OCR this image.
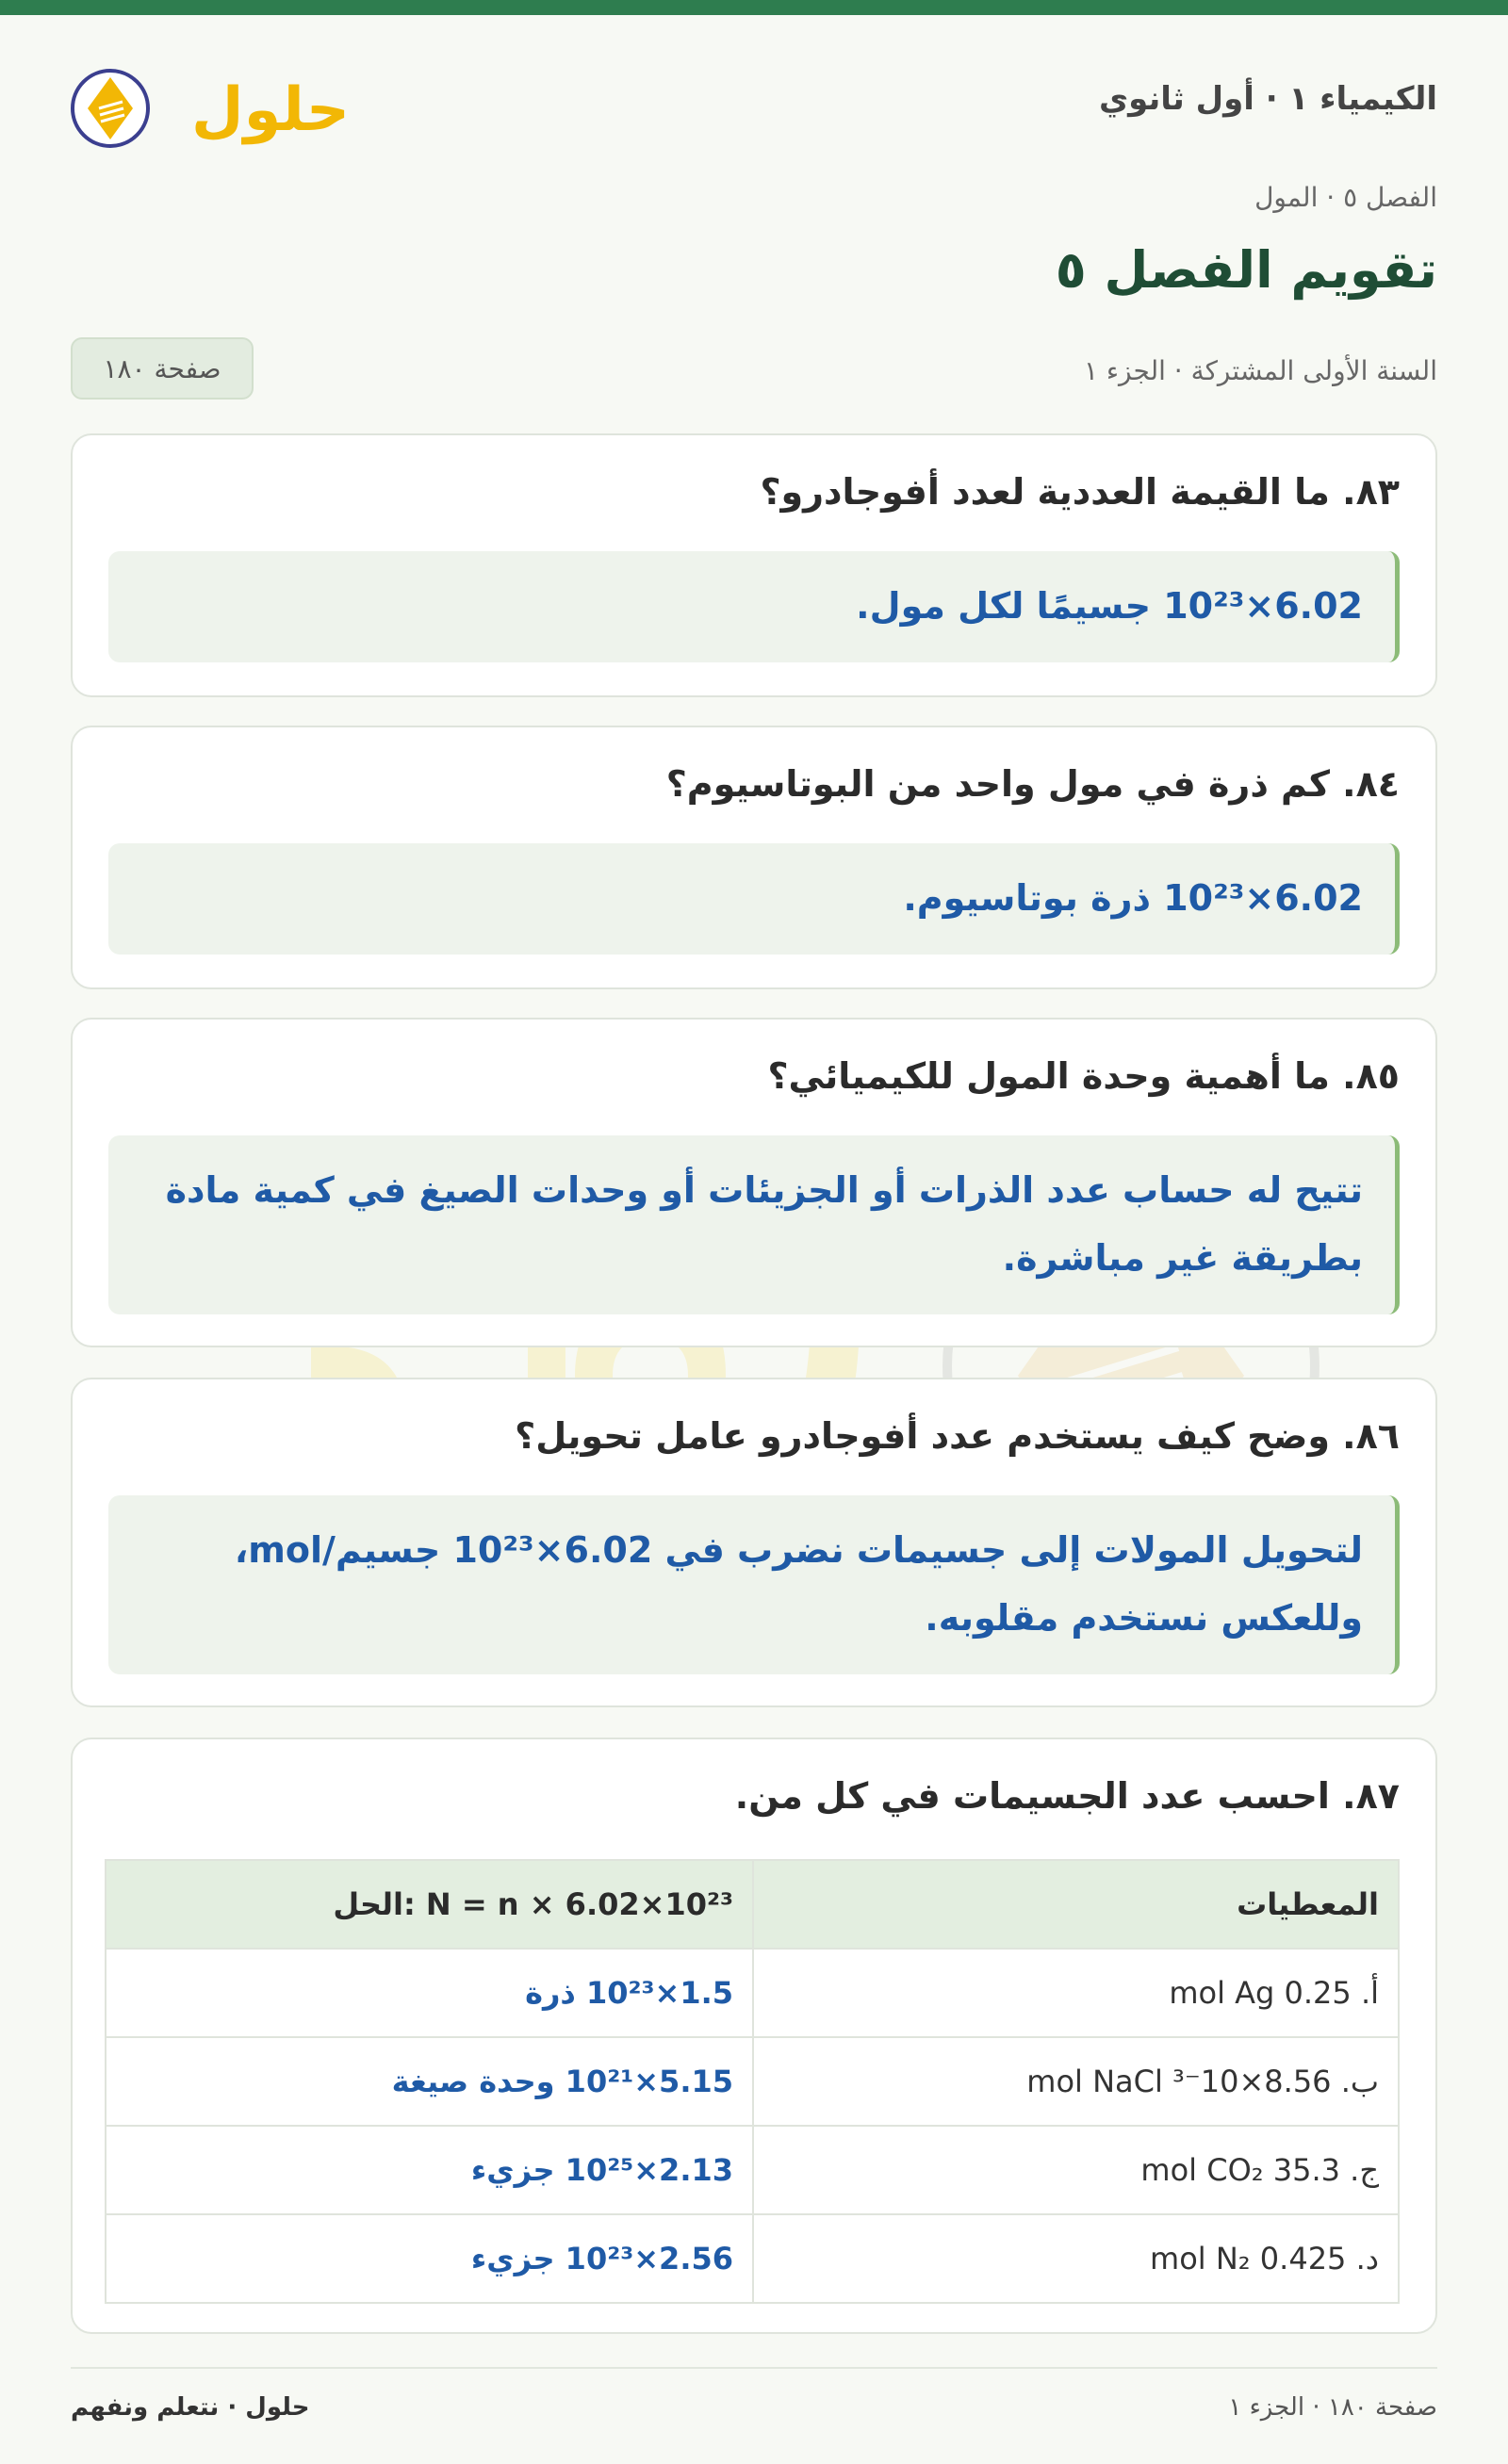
الكيمياء ١ · أول ثانوي
حلول
الفصل ٥ · المول
تقويم الفصل ٥
السنة الأولى المشتركة · الجزء ١
صفحة ١٨٠
٨٣. ما القيمة العددية لعدد أفوجادرو؟
6.02×10²³ جسيمًا لكل مول.
٨٤. كم ذرة في مول واحد من البوتاسيوم؟
6.02×10²³ ذرة بوتاسيوم.
٨٥. ما أهمية وحدة المول للكيميائي؟
تتيح له حساب عدد الذرات أو الجزيئات أو وحدات الصيغ في كمية مادة بطريقة غير مباشرة.
٨٦. وضح كيف يستخدم عدد أفوجادرو عامل تحويل؟
لتحويل المولات إلى جسيمات نضرب في 6.02×10²³ جسيم/mol، وللعكس نستخدم مقلوبه.
٨٧. احسب عدد الجسيمات في كل من.
المعطيات	الحل: N = n × 6.02×10²³
أ. 0.25 mol Ag	1.5×10²³ ذرة
ب. 8.56×10⁻³ mol NaCl	5.15×10²¹ وحدة صيغة
ج. 35.3 mol CO₂	2.13×10²⁵ جزيء
د. 0.425 mol N₂	2.56×10²³ جزيء
صفحة ١٨٠ · الجزء ١
حلول · نتعلم ونفهم
